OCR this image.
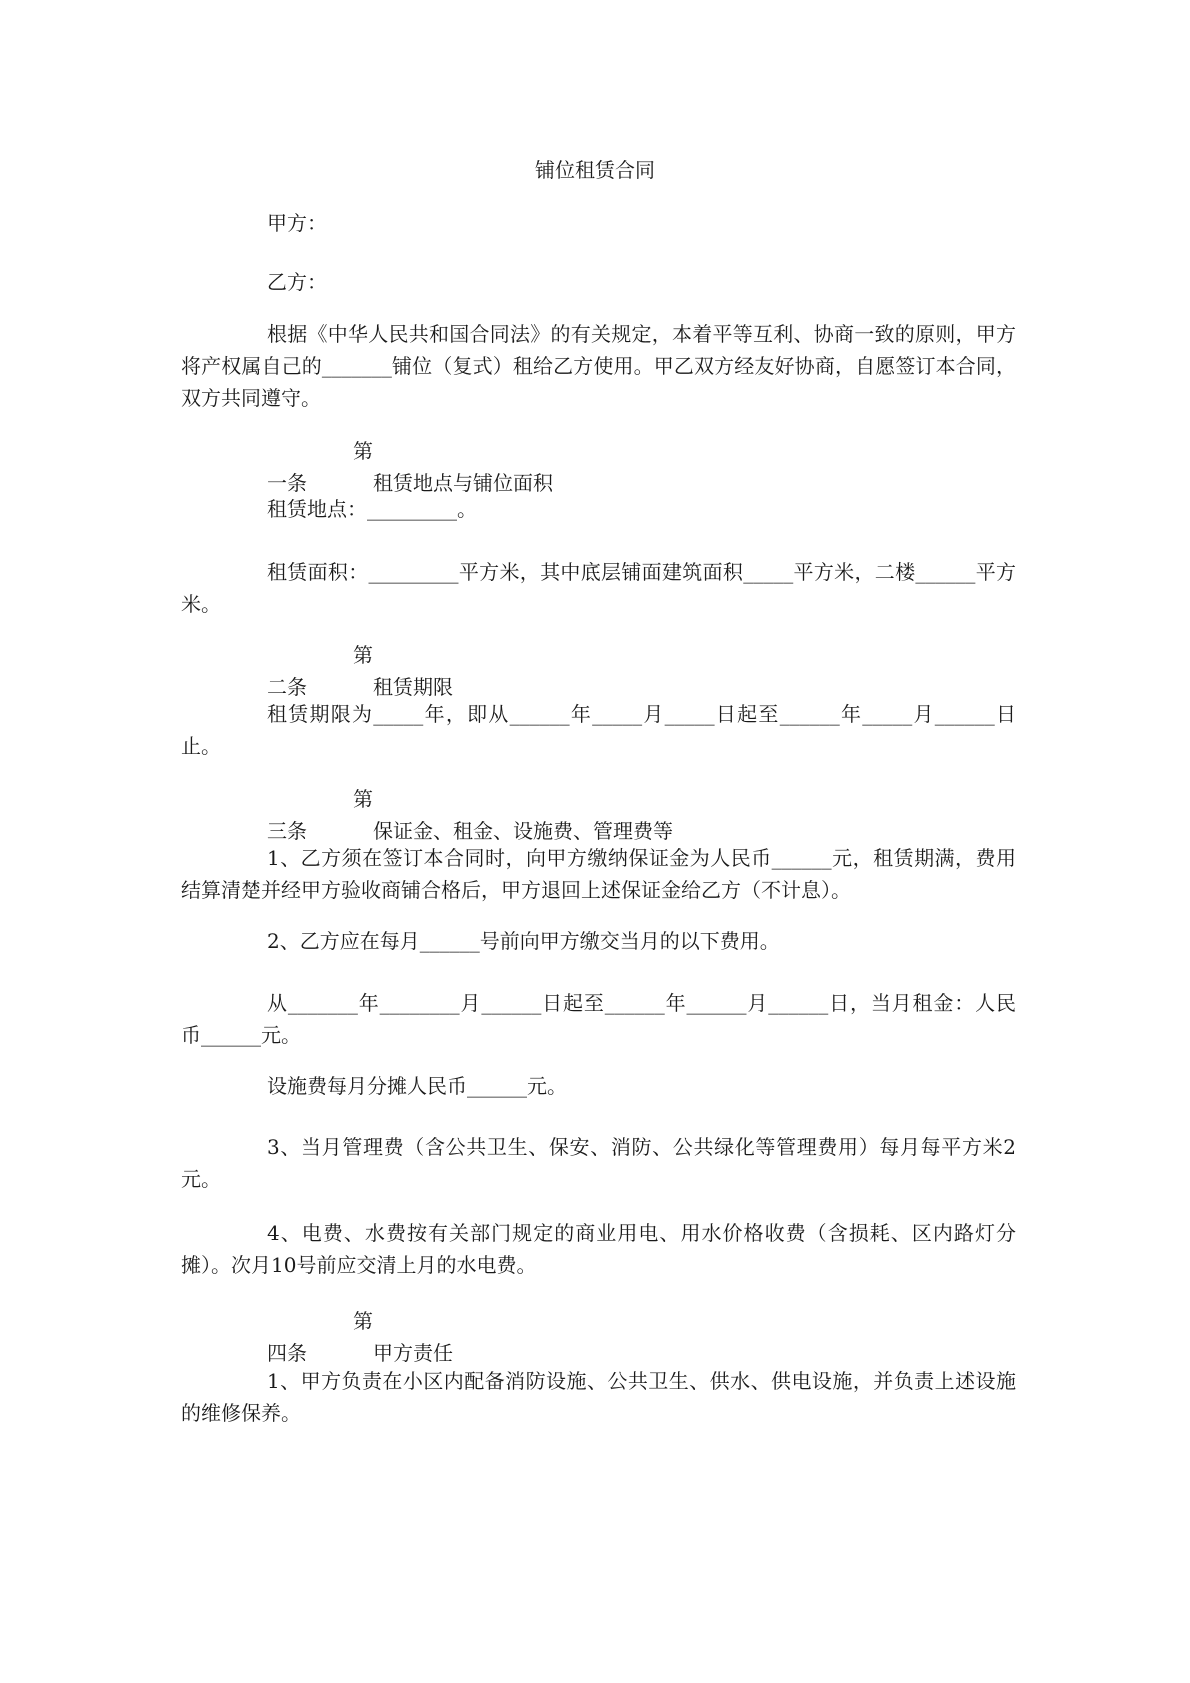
铺位租赁合同
甲方：
乙方：
根据《中华人民共和国合同法》的有关规定，本着平等互利、协商一致的原则，甲方将产权属自己的_______铺位（复式）租给乙方使用。甲乙双方经友好协商，自愿签订本合同，双方共同遵守。
第一条	租赁地点与铺位面积
租赁地点：_________。
租赁面积：_________平方米，其中底层铺面建筑面积_____平方米，二楼______平方米。
第二条	租赁期限
租赁期限为_____年，即从______年_____月_____日起至______年_____月______日止。
第三条	保证金、租金、设施费、管理费等
1、乙方须在签订本合同时，向甲方缴纳保证金为人民币______元，租赁期满，费用结算清楚并经甲方验收商铺合格后，甲方退回上述保证金给乙方（不计息）。
2、乙方应在每月______号前向甲方缴交当月的以下费用。
从_______年________月______日起至______年______月______日，当月租金：人民币______元。
设施费每月分摊人民币______元。
3、当月管理费（含公共卫生、保安、消防、公共绿化等管理费用）每月每平方米2元。
4、电费、水费按有关部门规定的商业用电、用水价格收费（含损耗、区内路灯分摊）。次月10号前应交清上月的水电费。
第四条	甲方责任
1、甲方负责在小区内配备消防设施、公共卫生、供水、供电设施，并负责上述设施的维修保养。
